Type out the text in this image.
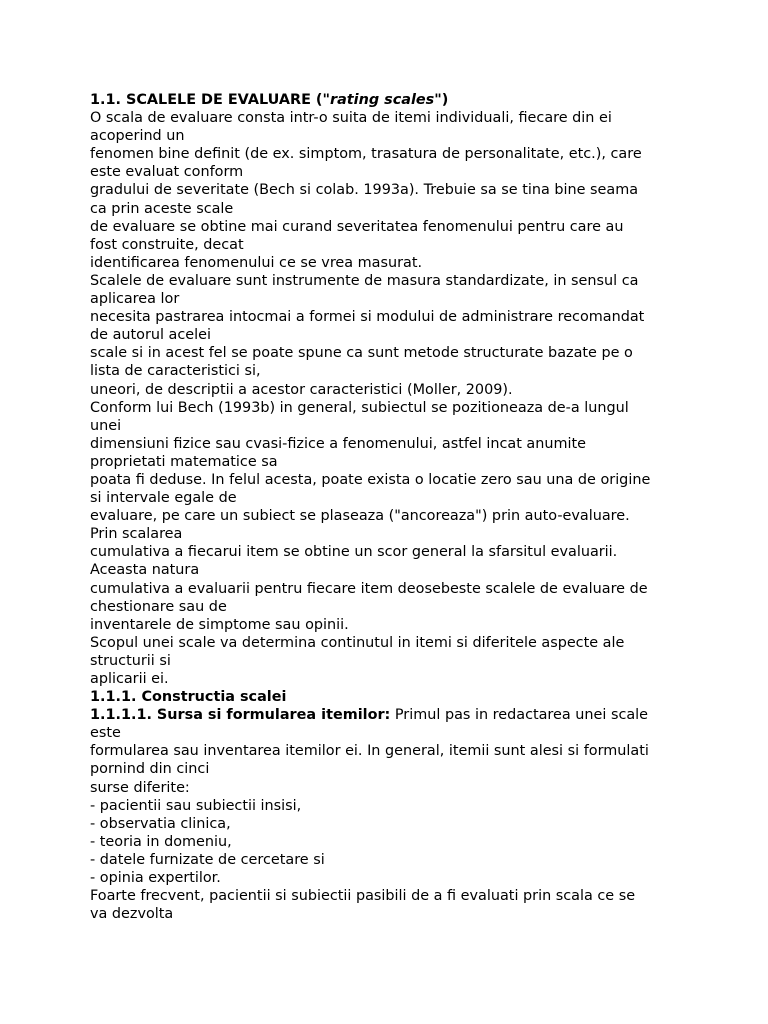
1.1. SCALELE DE EVALUARE ("rating scales")
O scala de evaluare consta intr-o suita de itemi individuali, fiecare din ei
acoperind un
fenomen bine definit (de ex. simptom, trasatura de personalitate, etc.), care
este evaluat conform
gradului de severitate (Bech si colab. 1993a). Trebuie sa se tina bine seama
ca prin aceste scale
de evaluare se obtine mai curand severitatea fenomenului pentru care au
fost construite, decat
identificarea fenomenului ce se vrea masurat.
Scalele de evaluare sunt instrumente de masura standardizate, in sensul ca
aplicarea lor
necesita pastrarea intocmai a formei si modului de administrare recomandat
de autorul acelei
scale si in acest fel se poate spune ca sunt metode structurate bazate pe o
lista de caracteristici si,
uneori, de descriptii a acestor caracteristici (Moller, 2009).
Conform lui Bech (1993b) in general, subiectul se pozitioneaza de-a lungul
unei
dimensiuni fizice sau cvasi-fizice a fenomenului, astfel incat anumite
proprietati matematice sa
poata fi deduse. In felul acesta, poate exista o locatie zero sau una de origine
si intervale egale de
evaluare, pe care un subiect se plaseaza ("ancoreaza") prin auto-evaluare.
Prin scalarea
cumulativa a fiecarui item se obtine un scor general la sfarsitul evaluarii.
Aceasta natura
cumulativa a evaluarii pentru fiecare item deosebeste scalele de evaluare de
chestionare sau de
inventarele de simptome sau opinii.
Scopul unei scale va determina continutul in itemi si diferitele aspecte ale
structurii si
aplicarii ei.
1.1.1. Constructia scalei
1.1.1.1. Sursa si formularea itemilor: Primul pas in redactarea unei scale
este
formularea sau inventarea itemilor ei. In general, itemii sunt alesi si formulati
pornind din cinci
surse diferite:
- pacientii sau subiectii insisi,
- observatia clinica,
- teoria in domeniu,
- datele furnizate de cercetare si
- opinia expertilor.
Foarte frecvent, pacientii si subiectii pasibili de a fi evaluati prin scala ce se
va dezvolta
